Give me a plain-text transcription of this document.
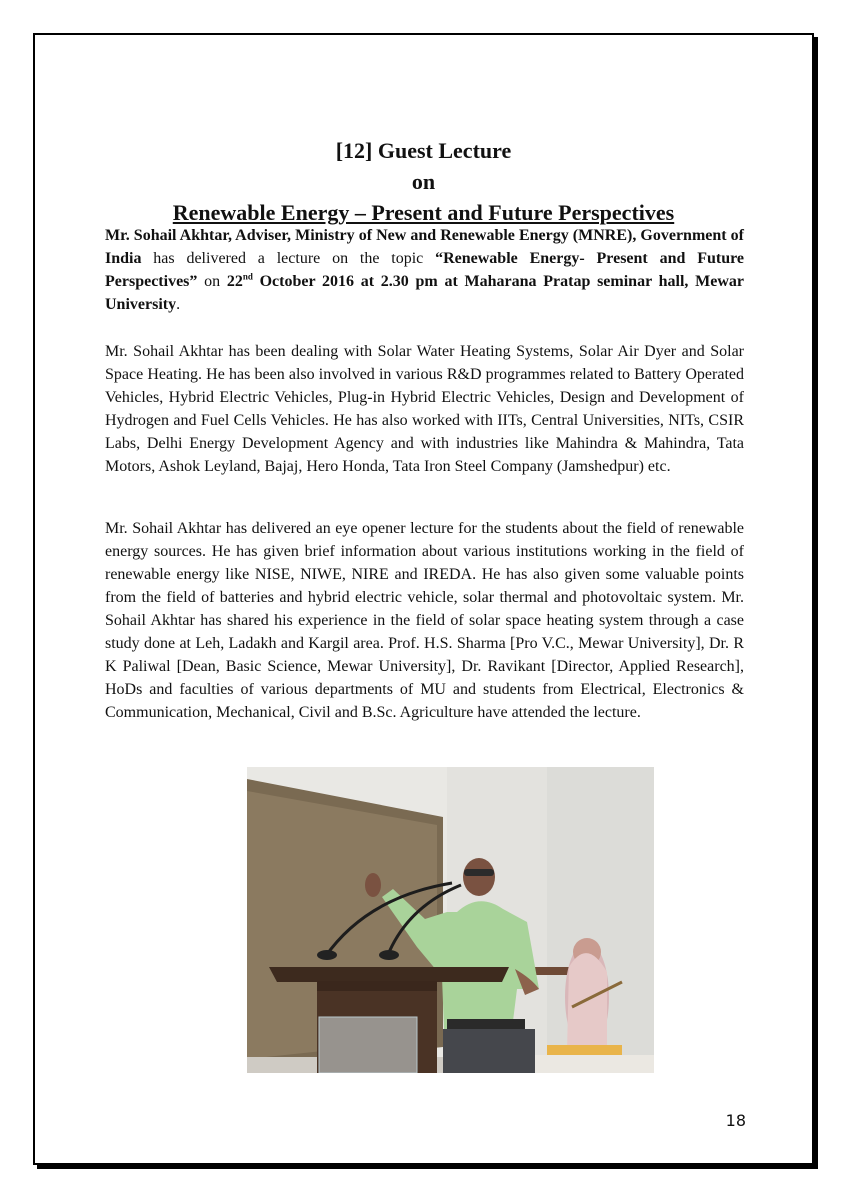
[12] Guest Lecture
on
Renewable Energy – Present and Future Perspectives

Mr. Sohail Akhtar, Adviser, Ministry of New and Renewable Energy (MNRE), Government of India has delivered a lecture on the topic “Renewable Energy- Present and Future Perspectives” on 22nd October 2016 at 2.30 pm at Maharana Pratap seminar hall, Mewar University.

Mr. Sohail Akhtar has been dealing with Solar Water Heating Systems, Solar Air Dyer and Solar Space Heating. He has been also involved in various R&D programmes related to Battery Operated Vehicles, Hybrid Electric Vehicles, Plug-in Hybrid Electric Vehicles, Design and Development of Hydrogen and Fuel Cells Vehicles. He has also worked with IITs, Central Universities, NITs, CSIR Labs, Delhi Energy Development Agency and with industries like Mahindra & Mahindra, Tata Motors, Ashok Leyland, Bajaj, Hero Honda, Tata Iron Steel Company (Jamshedpur) etc.

Mr. Sohail Akhtar has delivered an eye opener lecture for the students about the field of renewable energy sources. He has given brief information about various institutions working in the field of renewable energy like NISE, NIWE, NIRE and IREDA. He has also given some valuable points from the field of batteries and hybrid electric vehicle, solar thermal and photovoltaic system. Mr. Sohail Akhtar has shared his experience in the field of solar space heating system through a case study done at Leh, Ladakh and Kargil area. Prof. H.S. Sharma [Pro V.C., Mewar University], Dr. R K Paliwal [Dean, Basic Science, Mewar University], Dr. Ravikant [Director, Applied Research], HoDs and faculties of various departments of MU and students from Electrical, Electronics & Communication, Mechanical, Civil and B.Sc. Agriculture have attended the lecture.

18
